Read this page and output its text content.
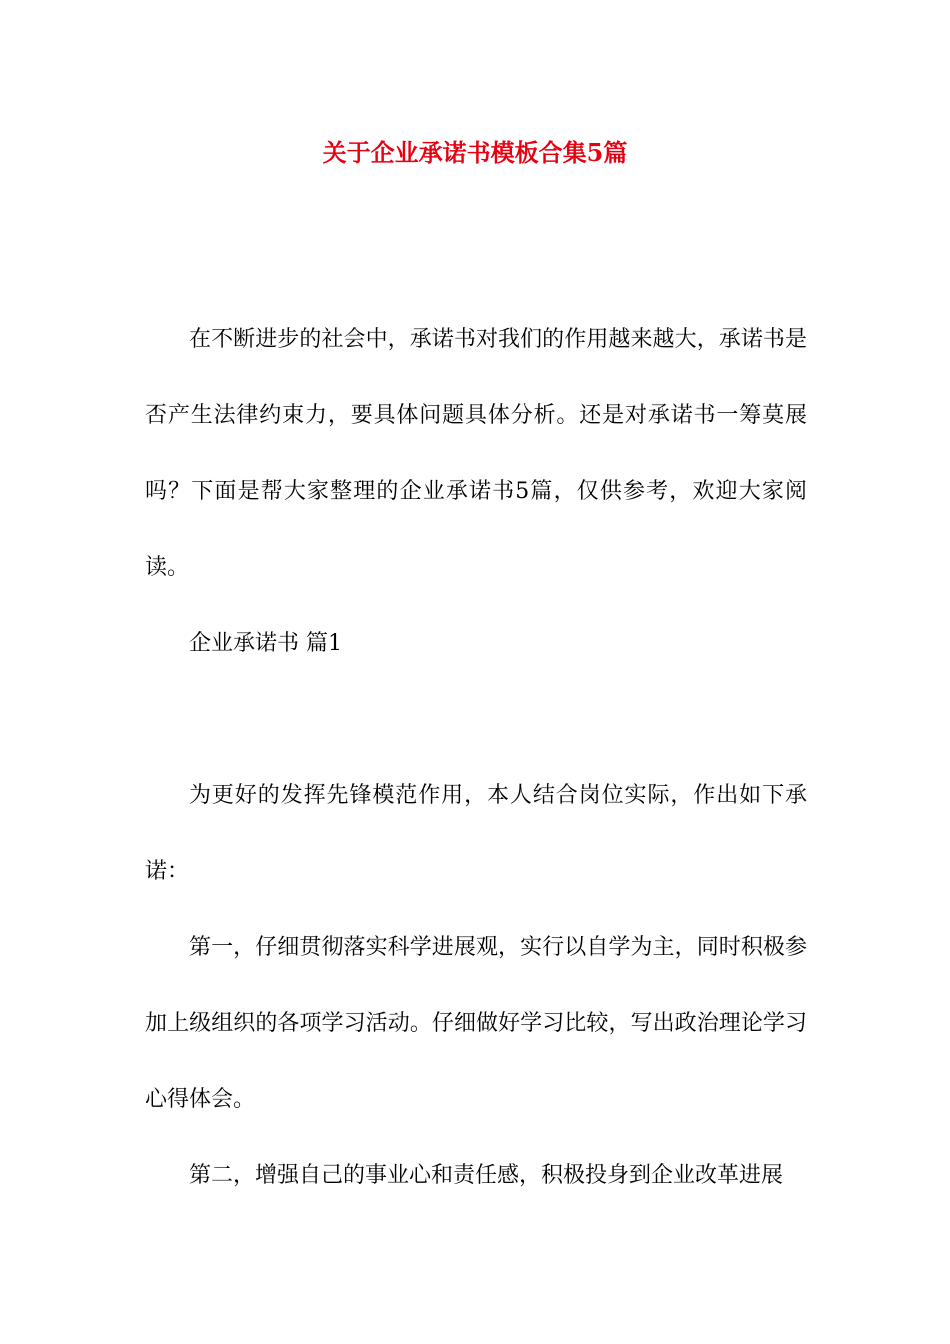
关于企业承诺书模板合集5篇

在不断进步的社会中，承诺书对我们的作用越来越大，承诺书是否产生法律约束力，要具体问题具体分析。还是对承诺书一筹莫展吗？下面是帮大家整理的企业承诺书5篇，仅供参考，欢迎大家阅读。

企业承诺书 篇1

为更好的发挥先锋模范作用，本人结合岗位实际，作出如下承诺：

第一，仔细贯彻落实科学进展观，实行以自学为主，同时积极参加上级组织的各项学习活动。仔细做好学习比较，写出政治理论学习心得体会。

第二，增强自己的事业心和责任感，积极投身到企业改革进展
